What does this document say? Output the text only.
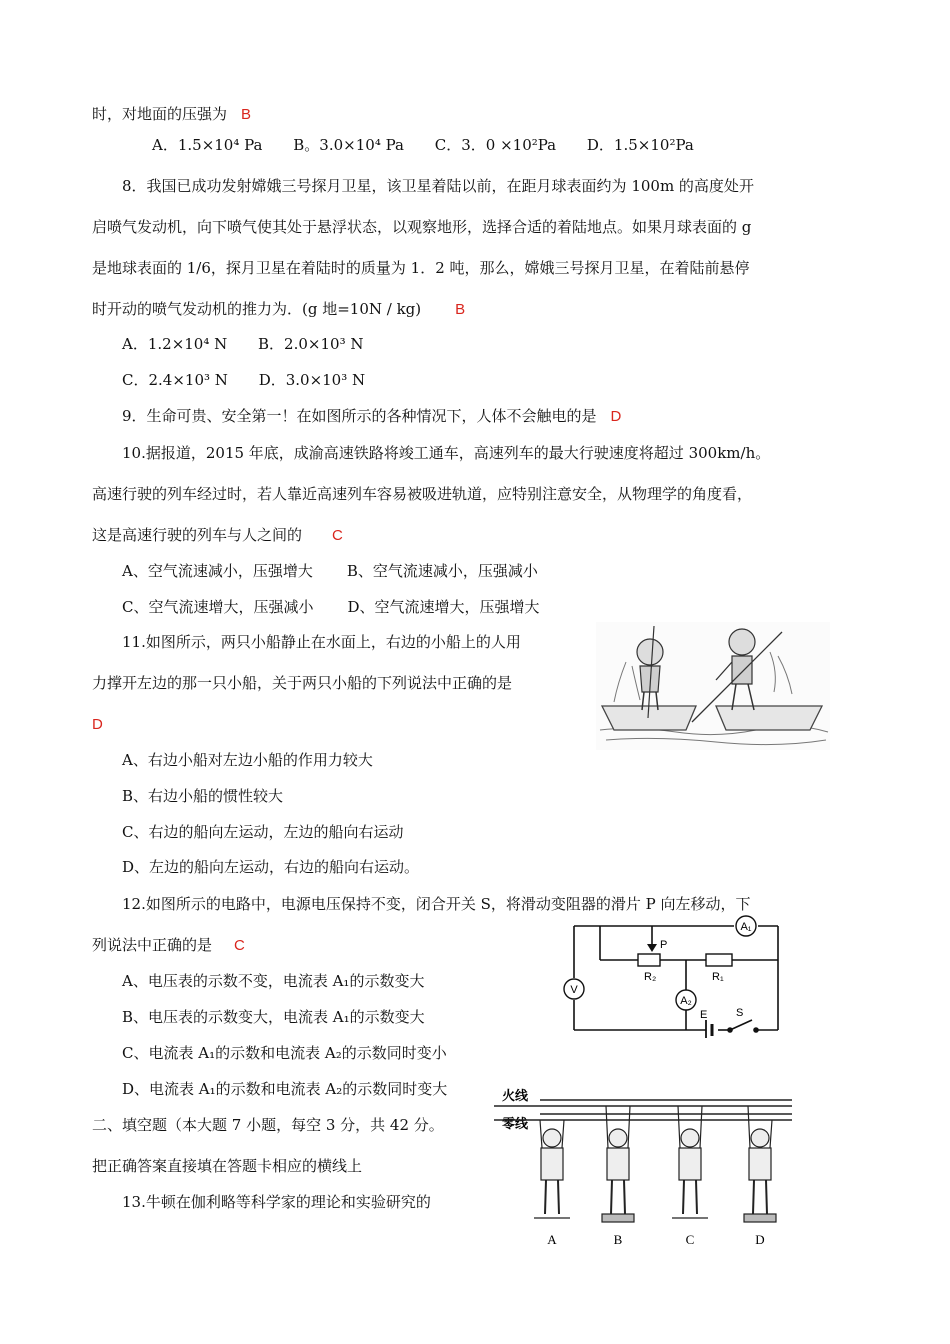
时，对地面的压强为 B
A．1.5×10⁴ Pa B。3.0×10⁴ Pa C．3．0 ×10²Pa D．1.5×10²Pa
8．我国已成功发射嫦娥三号探月卫星，该卫星着陆以前，在距月球表面约为 100m 的高度处开
启喷气发动机，向下喷气使其处于悬浮状态，以观察地形，选择合适的着陆地点。如果月球表面的 g
是地球表面的 1/6，探月卫星在着陆时的质量为 1．2 吨，那么，嫦娥三号探月卫星，在着陆前悬停
时开动的喷气发动机的推力为．(g 地=10N / kg) B
A．1.2×10⁴ N B．2.0×10³ N
C．2.4×10³ N D．3.0×10³ N
9．生命可贵、安全第一！在如图所示的各种情况下，人体不会触电的是 D
10.据报道，2015 年底，成渝高速铁路将竣工通车，高速列车的最大行驶速度将超过 300km/h。
高速行驶的列车经过时，若人靠近高速列车容易被吸进轨道，应特别注意安全，从物理学的角度看，
这是高速行驶的列车与人之间的 C
A、空气流速减小，压强增大 B、空气流速减小，压强减小
C、空气流速增大，压强减小 D、空气流速增大，压强增大
11.如图所示，两只小船静止在水面上，右边的小船上的人用
力撑开左边的那一只小船，关于两只小船的下列说法中正确的是
D
A、右边小船对左边小船的作用力较大
B、右边小船的惯性较大
C、右边的船向左运动，左边的船向右运动
D、左边的船向左运动，右边的船向右运动。
12.如图所示的电路中，电源电压保持不变，闭合开关 S，将滑动变阻器的滑片 P 向左移动，下
列说法中正确的是 C
A、电压表的示数不变，电流表 A₁的示数变大
B、电压表的示数变大，电流表 A₁的示数变大
C、电流表 A₁的示数和电流表 A₂的示数同时变小
D、电流表 A₁的示数和电流表 A₂的示数同时变大
A₁
V
A₂
P
R₂	R₁
E	S
二、填空题（本大题 7 小题，每空 3 分，共 42 分。
把正确答案直接填在答题卡相应的横线上
13.牛顿在伽利略等科学家的理论和实验研究的
火线
零线
A	B	C	D
